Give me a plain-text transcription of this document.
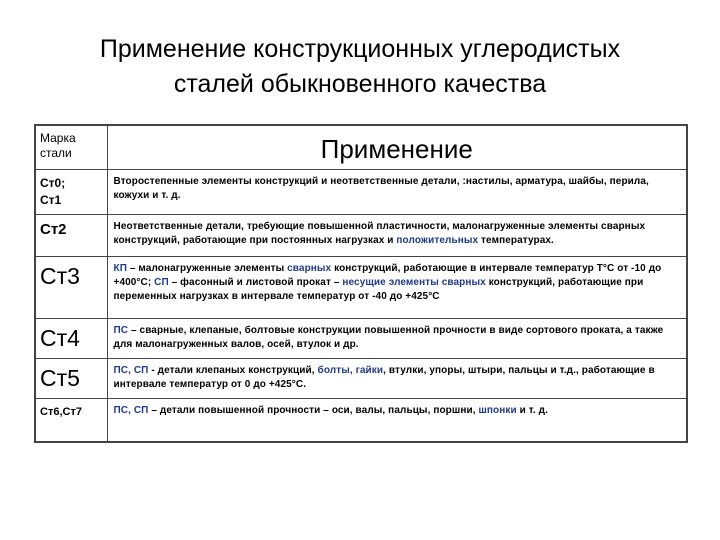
Применение конструкционных углеродистых
сталей обыкновенного качества
Марка
стали	Применение
Ст0;
Ст1	Второстепенные элементы конструкций и неответственные детали, :настилы, арматура, шайбы, перила, кожухи и т. д.
Ст2	Неответственные детали, требующие повышенной пластичности, малонагруженные элементы сварных конструкций, работающие при постоянных нагрузках и положительных температурах.
Ст3	КП – малонагруженные элементы сварных конструкций, работающие в интервале температур Т°С от -10 до +400°С; СП – фасонный и листовой прокат – несущие элементы сварных конструкций, работающие при переменных нагрузках в интервале температур от -40 до +425°С
Ст4	ПС – сварные, клепаные, болтовые конструкции повышенной прочности в виде сортового проката, а также для малонагруженных валов, осей, втулок и др.
Ст5	ПС, СП - детали клепаных конструкций, болты, гайки, втулки, упоры, штыри, пальцы и т.д., работающие в интервале температур от 0 до +425°С.
Ст6,Ст7	ПС, СП – детали повышенной прочности – оси, валы, пальцы, поршни, шпонки и т. д.
